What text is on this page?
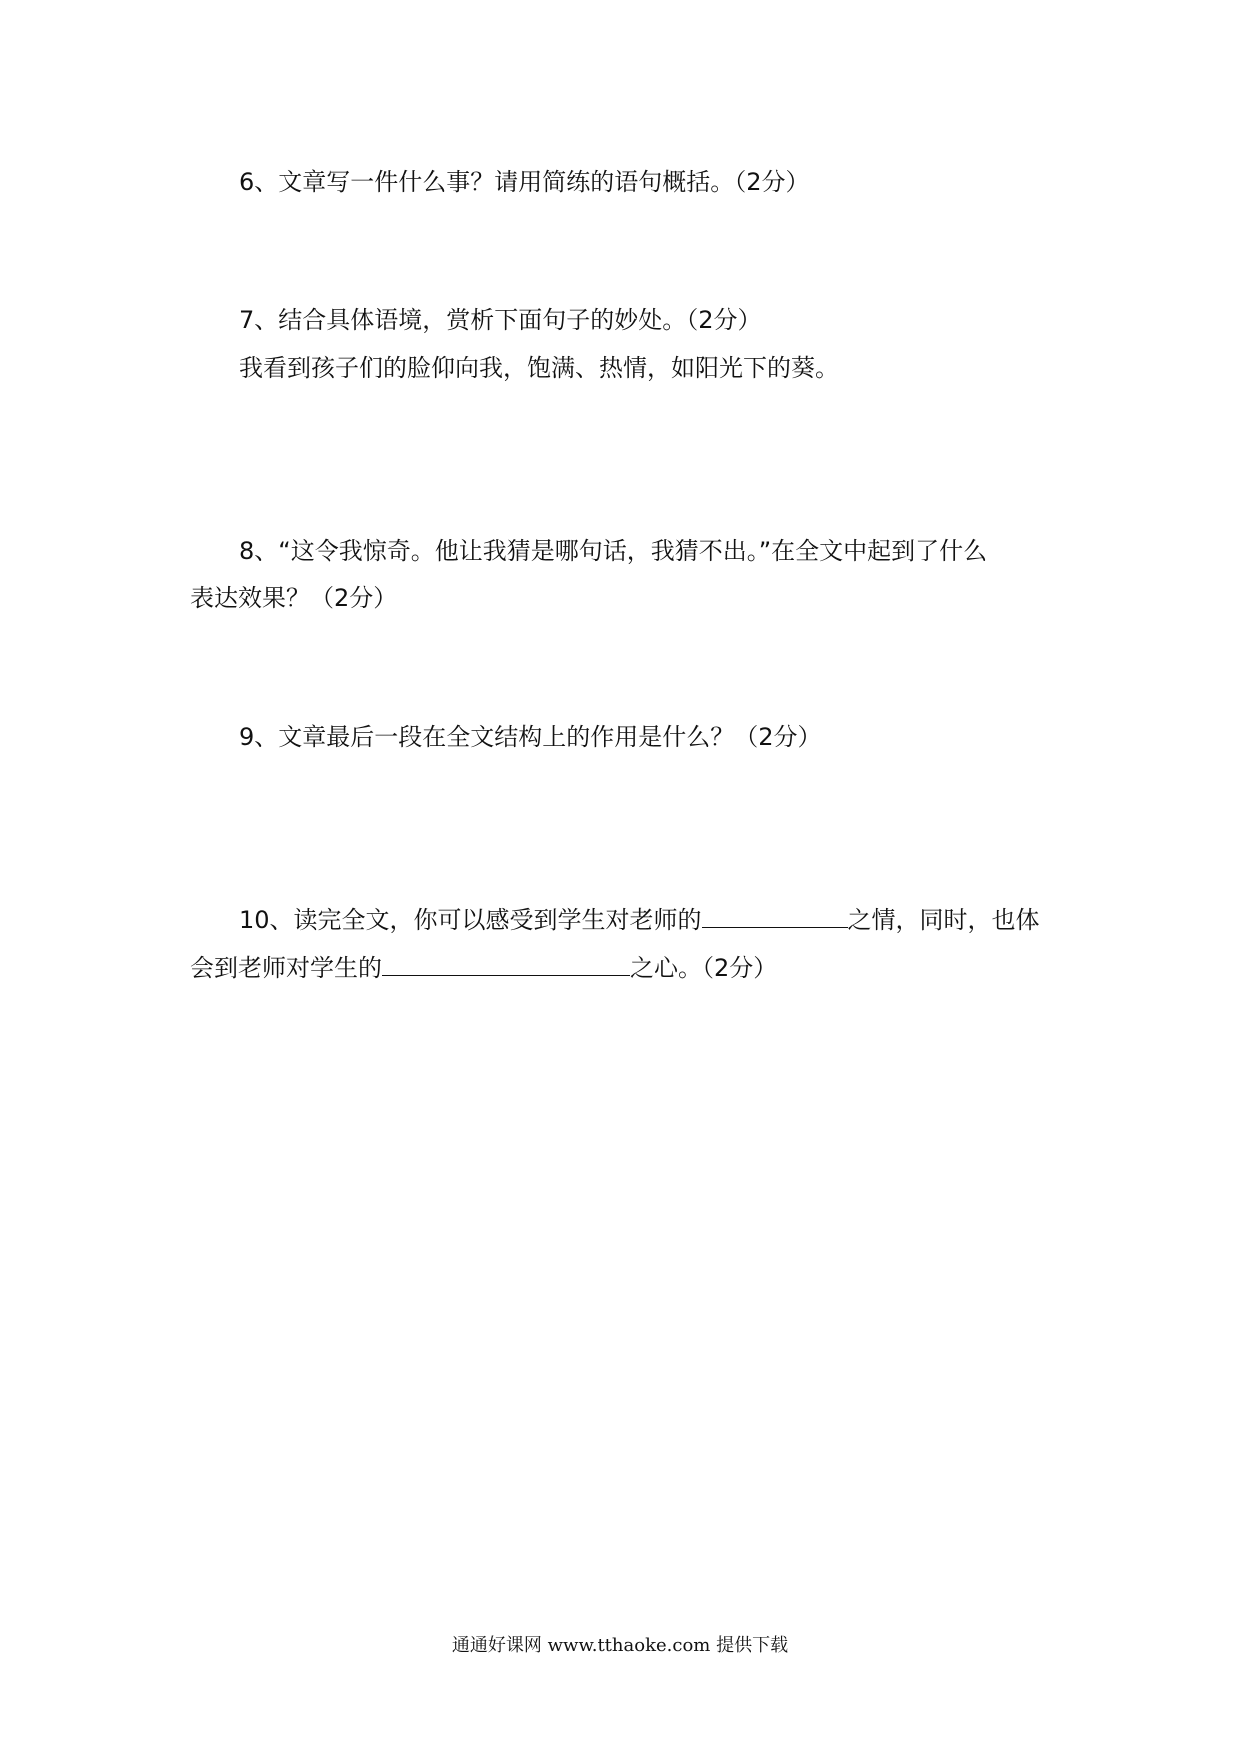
6、文章写一件什么事？请用简练的语句概括。（2分）
7、结合具体语境，赏析下面句子的妙处。（2分）
我看到孩子们的脸仰向我，饱满、热情，如阳光下的葵。
8、“这令我惊奇。他让我猜是哪句话，我猜不出。”在全文中起到了什么
表达效果？（2分）
9、文章最后一段在全文结构上的作用是什么？（2分）
10、读完全文，你可以感受到学生对老师的	之情，同时，也体
会到老师对学生的	之心。（2分）
通通好课网 www.tthaoke.com 提供下载
